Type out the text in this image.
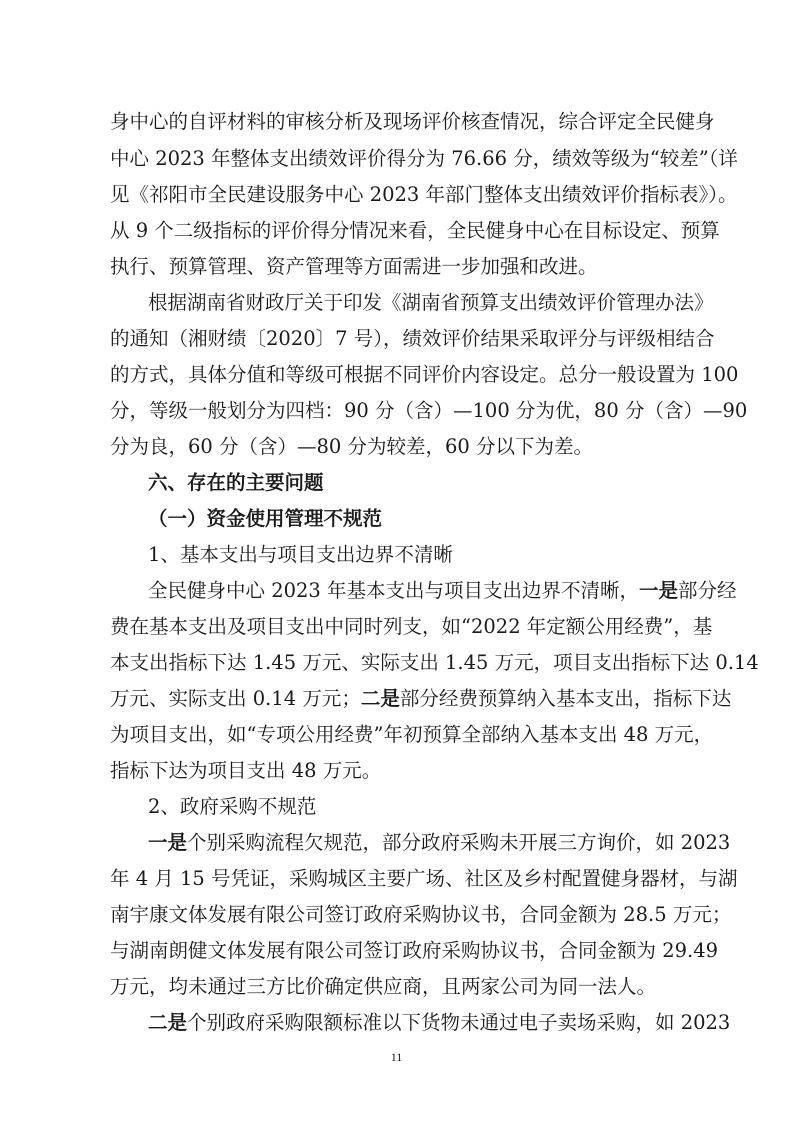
身中心的自评材料的审核分析及现场评价核查情况，综合评定全民健身
中心 2023 年整体支出绩效评价得分为 76.66 分，绩效等级为“较差”（详
见《祁阳市全民建设服务中心 2023 年部门整体支出绩效评价指标表》）。
从 9 个二级指标的评价得分情况来看，全民健身中心在目标设定、预算
执行、预算管理、资产管理等方面需进一步加强和改进。
根据湖南省财政厅关于印发《湖南省预算支出绩效评价管理办法》
的通知（湘财绩〔2020〕7 号），绩效评价结果采取评分与评级相结合
的方式，具体分值和等级可根据不同评价内容设定。总分一般设置为 100
分，等级一般划分为四档：90 分（含）—100 分为优，80 分（含）—90
分为良，60 分（含）—80 分为较差，60 分以下为差。
六、存在的主要问题
（一）资金使用管理不规范
1、基本支出与项目支出边界不清晰
全民健身中心 2023 年基本支出与项目支出边界不清晰，一是部分经
费在基本支出及项目支出中同时列支，如“2022 年定额公用经费”，基
本支出指标下达 1.45 万元、实际支出 1.45 万元，项目支出指标下达 0.14
万元、实际支出 0.14 万元；二是部分经费预算纳入基本支出，指标下达
为项目支出，如“专项公用经费”年初预算全部纳入基本支出 48 万元，
指标下达为项目支出 48 万元。
2、政府采购不规范
一是个别采购流程欠规范，部分政府采购未开展三方询价，如 2023
年 4 月 15 号凭证，采购城区主要广场、社区及乡村配置健身器材，与湖
南宇康文体发展有限公司签订政府采购协议书，合同金额为 28.5 万元；
与湖南朗健文体发展有限公司签订政府采购协议书，合同金额为 29.49
万元，均未通过三方比价确定供应商，且两家公司为同一法人。
二是个别政府采购限额标准以下货物未通过电子卖场采购，如 2023
11
